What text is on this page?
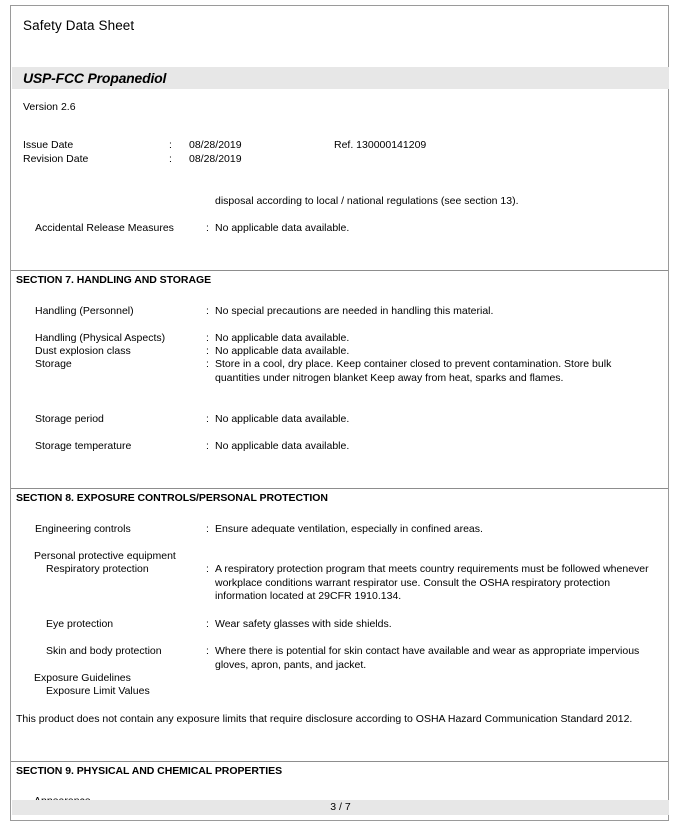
Safety Data Sheet
USP-FCC Propanediol
Version 2.6
Issue Date	: 08/28/2019	Ref. 130000141209
Revision Date	: 08/28/2019
disposal according to local / national regulations (see section 13).
Accidental Release Measures	: No applicable data available.
SECTION 7. HANDLING AND STORAGE
Handling (Personnel)	: No special precautions are needed in handling this material.
Handling (Physical Aspects)	: No applicable data available.
Dust explosion class	: No applicable data available.
Storage	: Store in a cool, dry place. Keep container closed to prevent contamination. Store bulk quantities under nitrogen blanket Keep away from heat, sparks and flames.
Storage period	: No applicable data available.
Storage temperature	: No applicable data available.
SECTION 8. EXPOSURE CONTROLS/PERSONAL PROTECTION
Engineering controls	: Ensure adequate ventilation, especially in confined areas.
Personal protective equipment
Respiratory protection	: A respiratory protection program that meets country requirements must be followed whenever workplace conditions warrant respirator use. Consult the OSHA respiratory protection information located at 29CFR 1910.134.
Eye protection	: Wear safety glasses with side shields.
Skin and body protection	: Where there is potential for skin contact have available and wear as appropriate impervious gloves, apron, pants, and jacket.
Exposure Guidelines
Exposure Limit Values
This product does not contain any exposure limits that require disclosure according to OSHA Hazard Communication Standard 2012.
SECTION 9. PHYSICAL AND CHEMICAL PROPERTIES
3 / 7
